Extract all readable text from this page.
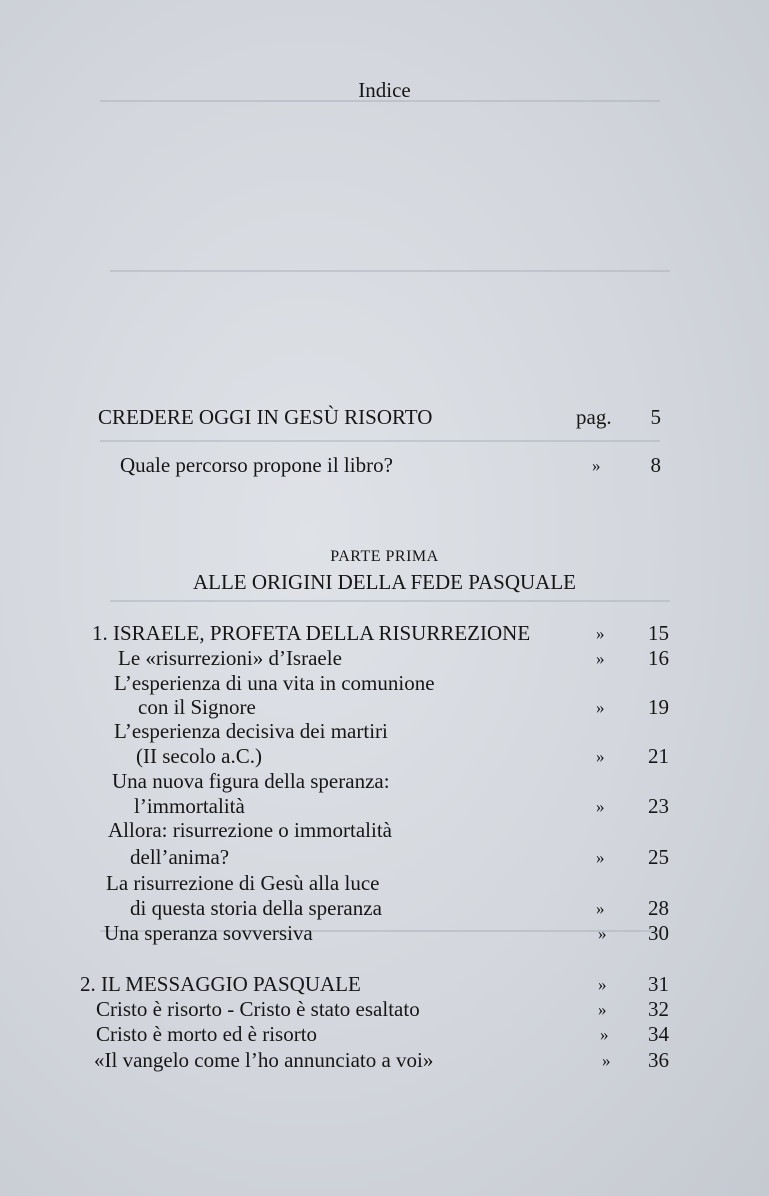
Indice
CREDERE OGGI IN GESÙ RISORTO	pag. 5
Quale percorso propone il libro?	» 8
PARTE PRIMA
ALLE ORIGINI DELLA FEDE PASQUALE
1. ISRAELE, PROFETA DELLA RISURREZIONE	» 15
Le «risurrezioni» d’Israele	» 16
L’esperienza di una vita in comunione
con il Signore	» 19
L’esperienza decisiva dei martiri
(II secolo a.C.)	» 21
Una nuova figura della speranza:
l’immortalità	» 23
Allora: risurrezione o immortalità
dell’anima?	» 25
La risurrezione di Gesù alla luce
di questa storia della speranza	» 28
Una speranza sovversiva	» 30
2. IL MESSAGGIO PASQUALE	» 31
Cristo è risorto - Cristo è stato esaltato	» 32
Cristo è morto ed è risorto	» 34
«Il vangelo come l’ho annunciato a voi»	» 36
